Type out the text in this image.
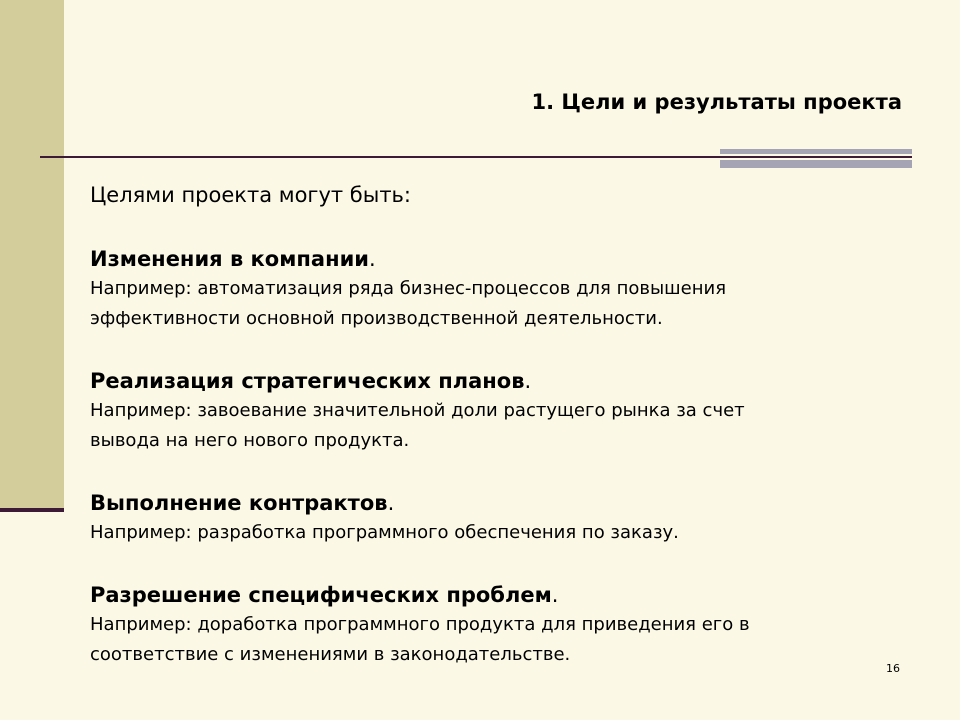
1. Цели и результаты проекта
Целями проекта могут быть:
Изменения в компании.
Например: автоматизация ряда бизнес-процессов для повышения
эффективности основной производственной деятельности.
Реализация стратегических планов.
Например: завоевание значительной доли растущего рынка за счет
вывода на него нового продукта.
Выполнение контрактов.
Например: разработка программного обеспечения по заказу.
Разрешение специфических проблем.
Например: доработка программного продукта для приведения его в
соответствие с изменениями в законодательстве.
16
